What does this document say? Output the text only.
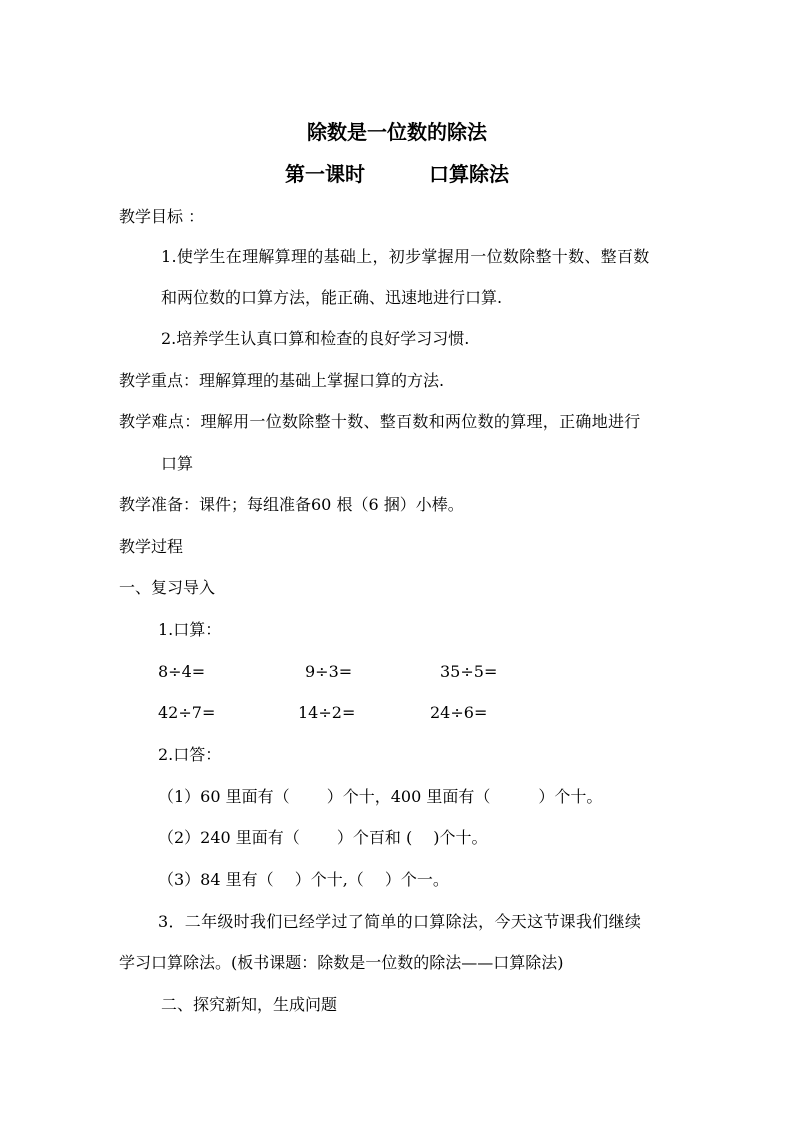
除数是一位数的除法
第一课时	口算除法
教学目标 ：
1.使学生在理解算理的基础上，初步掌握用一位数除整十数、整百数
和两位数的口算方法，能正确、迅速地进行口算.
2.培养学生认真口算和检查的良好学习习惯.
教学重点：理解算理的基础上掌握口算的方法.
教学难点：理解用一位数除整十数、整百数和两位数的算理，正确地进行
口算
教学准备：课件；每组准备60 根（6 捆）小棒。
教学过程
一、复习导入
1.口算：
8÷4=	9÷3=	35÷5=
42÷7=	14÷2=	24÷6=
2.口答：
（1）60 里面有（　　 ）个十，400 里面有（　　　）个十。
（2）240 里面有（　　 ）个百和 (　 )个十。
（3）84 里有（　 ）个十,（　 ）个一。
3．二年级时我们已经学过了简单的口算除法，今天这节课我们继续
学习口算除法。(板书课题：除数是一位数的除法——口算除法)
二、探究新知，生成问题
